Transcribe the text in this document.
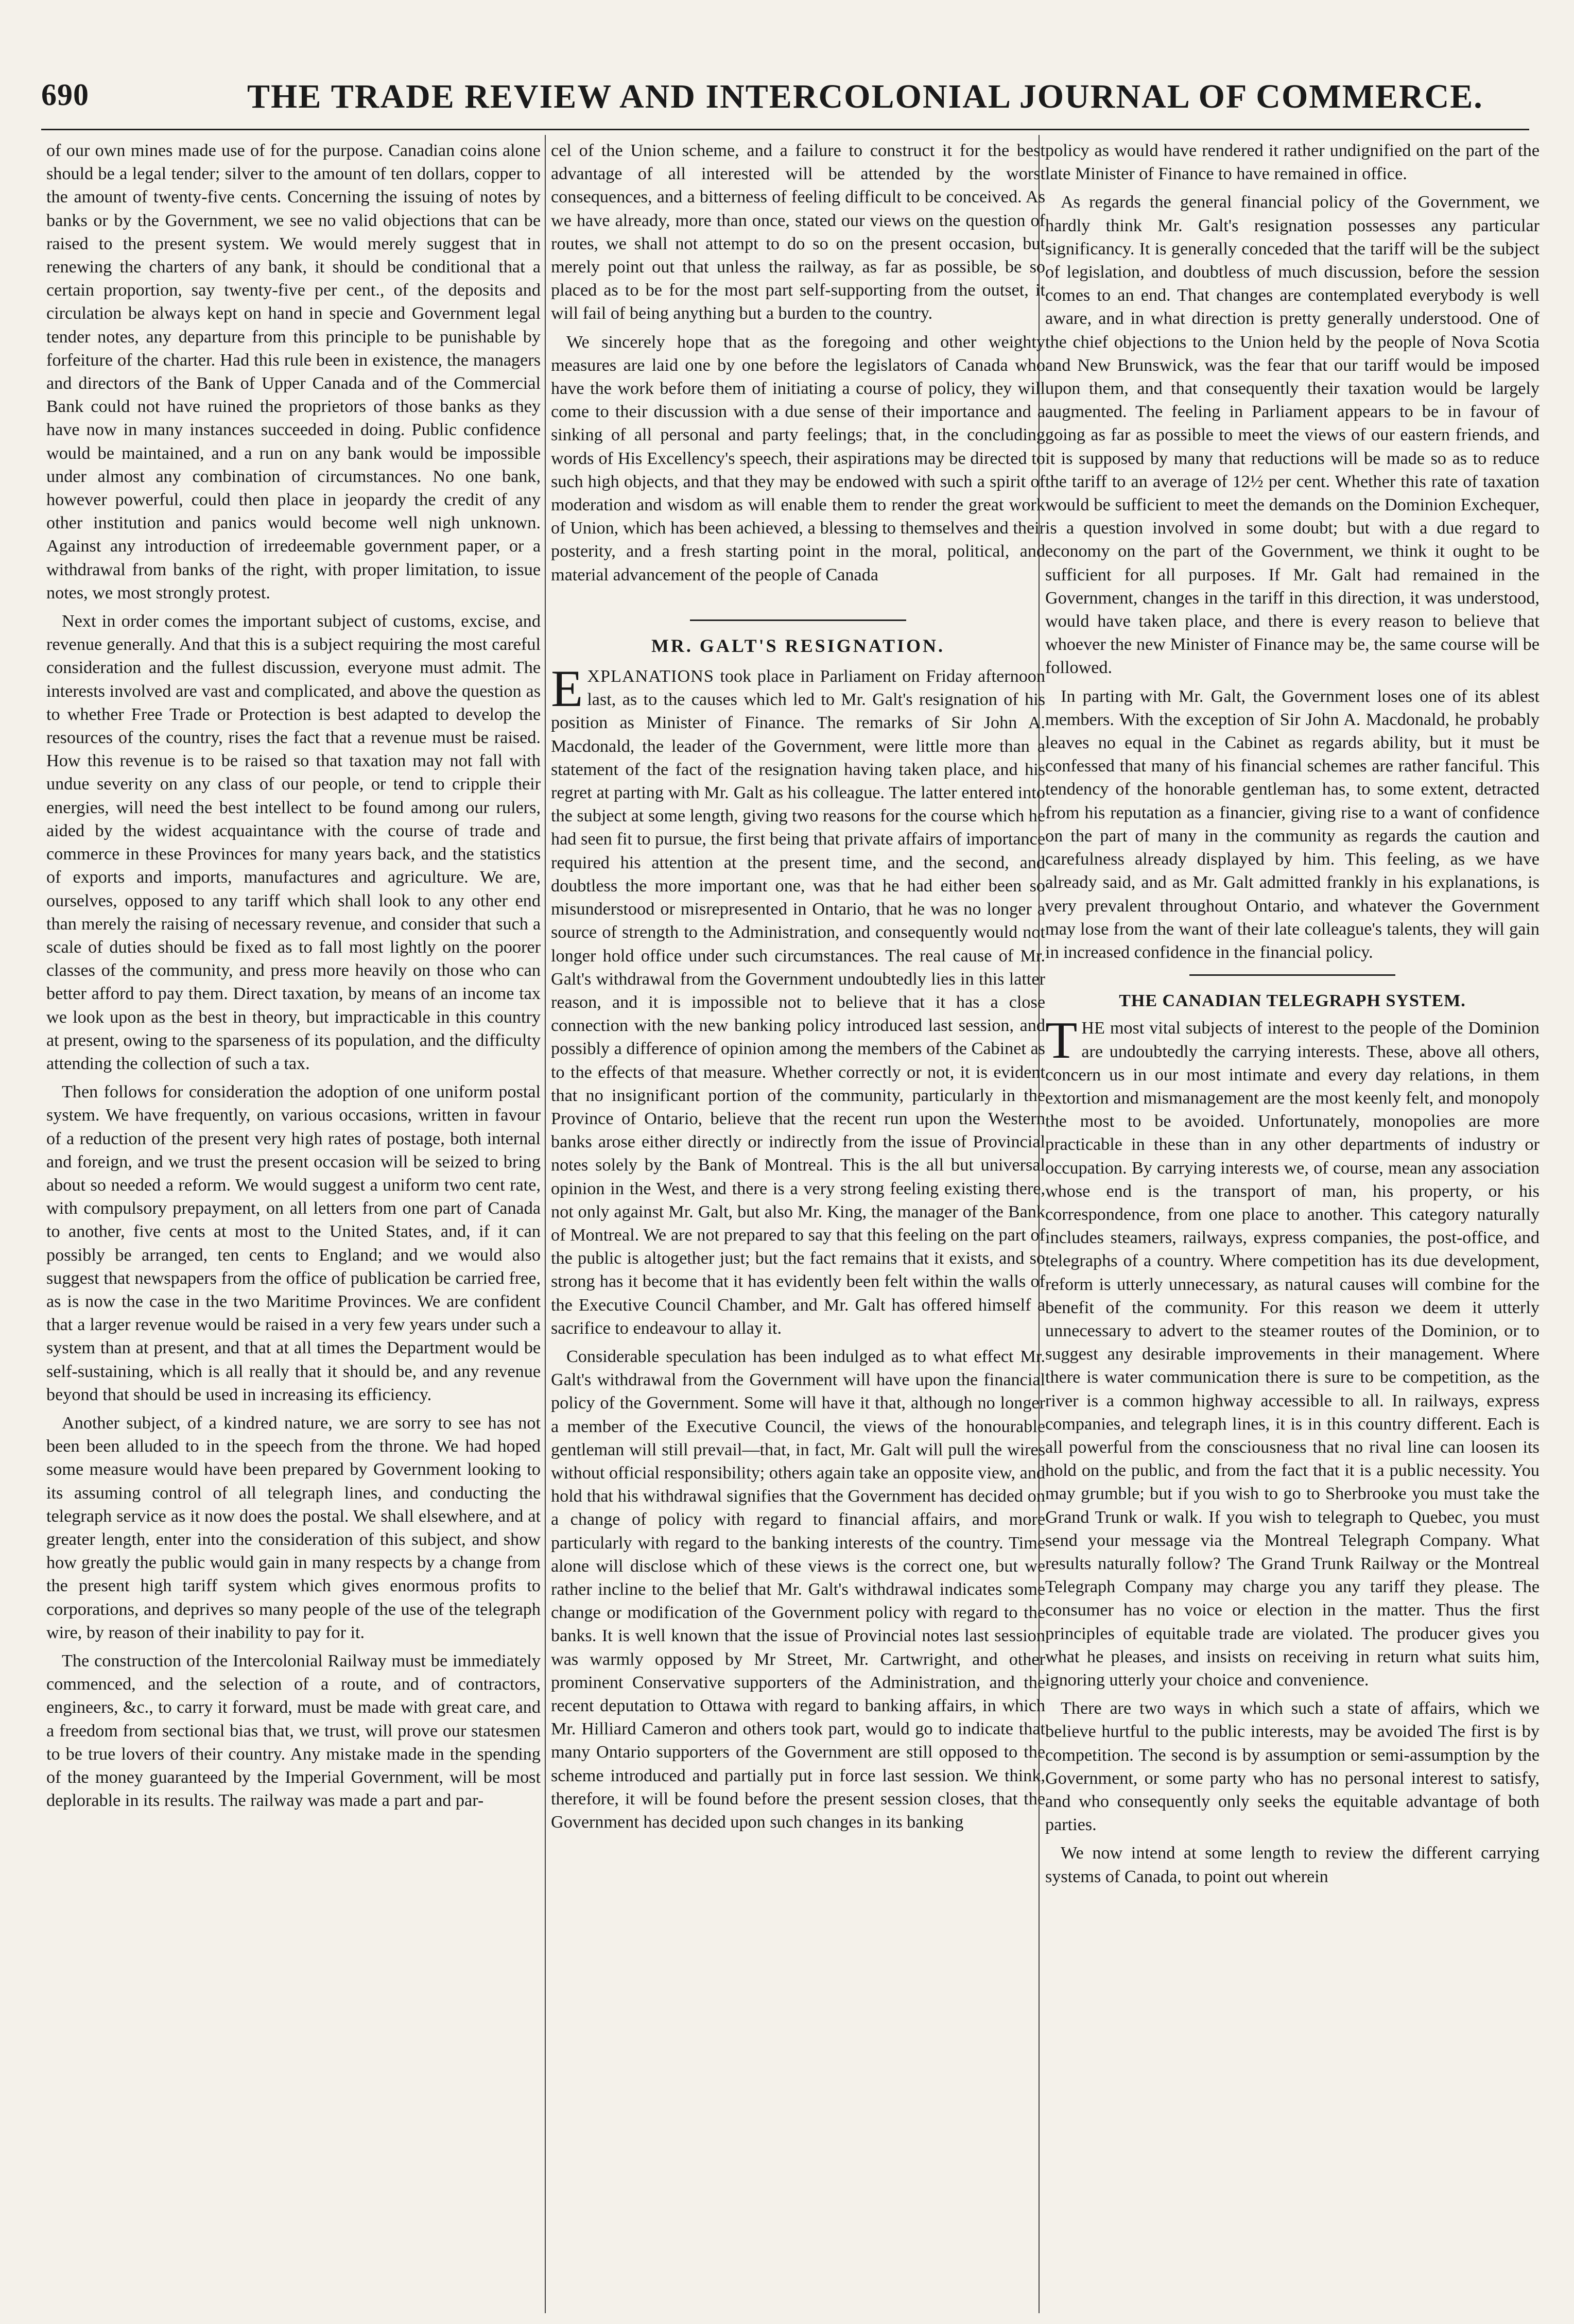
690	THE TRADE REVIEW AND INTERCOLONIAL JOURNAL OF COMMERCE.

of our own mines made use of for the purpose. Canadian coins alone should be a legal tender; silver to the amount of ten dollars, copper to the amount of twenty-five cents. Concerning the issuing of notes by banks or by the Government, we see no valid objections that can be raised to the present system. We would merely suggest that in renewing the charters of any bank, it should be conditional that a certain proportion, say twenty-five per cent., of the deposits and circulation be always kept on hand in specie and Government legal tender notes, any departure from this principle to be punishable by forfeiture of the charter. Had this rule been in existence, the managers and directors of the Bank of Upper Canada and of the Commercial Bank could not have ruined the proprietors of those banks as they have now in many instances succeeded in doing. Public confidence would be maintained, and a run on any bank would be impossible under almost any combination of circumstances. No one bank, however powerful, could then place in jeopardy the credit of any other institution and panics would become well nigh unknown. Against any introduction of irredeemable government paper, or a withdrawal from banks of the right, with proper limitation, to issue notes, we most strongly protest.

Next in order comes the important subject of customs, excise, and revenue generally. And that this is a subject requiring the most careful consideration and the fullest discussion, everyone must admit. The interests involved are vast and complicated, and above the question as to whether Free Trade or Protection is best adapted to develop the resources of the country, rises the fact that a revenue must be raised. How this revenue is to be raised so that taxation may not fall with undue severity on any class of our people, or tend to cripple their energies, will need the best intellect to be found among our rulers, aided by the widest acquaintance with the course of trade and commerce in these Provinces for many years back, and the statistics of exports and imports, manufactures and agriculture. We are, ourselves, opposed to any tariff which shall look to any other end than merely the raising of necessary revenue, and consider that such a scale of duties should be fixed as to fall most lightly on the poorer classes of the community, and press more heavily on those who can better afford to pay them. Direct taxation, by means of an income tax we look upon as the best in theory, but impracticable in this country at present, owing to the sparseness of its population, and the difficulty attending the collection of such a tax.

Then follows for consideration the adoption of one uniform postal system. We have frequently, on various occasions, written in favour of a reduction of the present very high rates of postage, both internal and foreign, and we trust the present occasion will be seized to bring about so needed a reform. We would suggest a uniform two cent rate, with compulsory prepayment, on all letters from one part of Canada to another, five cents at most to the United States, and, if it can possibly be arranged, ten cents to England; and we would also suggest that newspapers from the office of publication be carried free, as is now the case in the two Maritime Provinces. We are confident that a larger revenue would be raised in a very few years under such a system than at present, and that at all times the Department would be self-sustaining, which is all really that it should be, and any revenue beyond that should be used in increasing its efficiency.

Another subject, of a kindred nature, we are sorry to see has not been been alluded to in the speech from the throne. We had hoped some measure would have been prepared by Government looking to its assuming control of all telegraph lines, and conducting the telegraph service as it now does the postal. We shall elsewhere, and at greater length, enter into the consideration of this subject, and show how greatly the public would gain in many respects by a change from the present high tariff system which gives enormous profits to corporations, and deprives so many people of the use of the telegraph wire, by reason of their inability to pay for it.

The construction of the Intercolonial Railway must be immediately commenced, and the selection of a route, and of contractors, engineers, &c., to carry it forward, must be made with great care, and a freedom from sectional bias that, we trust, will prove our statesmen to be true lovers of their country. Any mistake made in the spending of the money guaranteed by the Imperial Government, will be most deplorable in its results. The railway was made a part and par-

cel of the Union scheme, and a failure to construct it for the best advantage of all interested will be attended by the worst consequences, and a bitterness of feeling difficult to be conceived. As we have already, more than once, stated our views on the question of routes, we shall not attempt to do so on the present occasion, but merely point out that unless the railway, as far as possible, be so placed as to be for the most part self-supporting from the outset, it will fail of being anything but a burden to the country.

We sincerely hope that as the foregoing and other weighty measures are laid one by one before the legislators of Canada who have the work before them of initiating a course of policy, they will come to their discussion with a due sense of their importance and a sinking of all personal and party feelings; that, in the concluding words of His Excellency's speech, their aspirations may be directed to such high objects, and that they may be endowed with such a spirit of moderation and wisdom as will enable them to render the great work of Union, which has been achieved, a blessing to themselves and their posterity, and a fresh starting point in the moral, political, and material advancement of the people of Canada

MR. GALT'S RESIGNATION.

EXPLANATIONS took place in Parliament on Friday afternoon last, as to the causes which led to Mr. Galt's resignation of his position as Minister of Finance. The remarks of Sir John A. Macdonald, the leader of the Government, were little more than a statement of the fact of the resignation having taken place, and his regret at parting with Mr. Galt as his colleague. The latter entered into the subject at some length, giving two reasons for the course which he had seen fit to pursue, the first being that private affairs of importance required his attention at the present time, and the second, and doubtless the more important one, was that he had either been so misunderstood or misrepresented in Ontario, that he was no longer a source of strength to the Administration, and consequently would not longer hold office under such circumstances. The real cause of Mr. Galt's withdrawal from the Government undoubtedly lies in this latter reason, and it is impossible not to believe that it has a close connection with the new banking policy introduced last session, and possibly a difference of opinion among the members of the Cabinet as to the effects of that measure. Whether correctly or not, it is evident that no insignificant portion of the community, particularly in the Province of Ontario, believe that the recent run upon the Western banks arose either directly or indirectly from the issue of Provincial notes solely by the Bank of Montreal. This is the all but universal opinion in the West, and there is a very strong feeling existing there, not only against Mr. Galt, but also Mr. King, the manager of the Bank of Montreal. We are not prepared to say that this feeling on the part of the public is altogether just; but the fact remains that it exists, and so strong has it become that it has evidently been felt within the walls of the Executive Council Chamber, and Mr. Galt has offered himself a sacrifice to endeavour to allay it.

Considerable speculation has been indulged as to what effect Mr. Galt's withdrawal from the Government will have upon the financial policy of the Government. Some will have it that, although no longer a member of the Executive Council, the views of the honourable gentleman will still prevail—that, in fact, Mr. Galt will pull the wires without official responsibility; others again take an opposite view, and hold that his withdrawal signifies that the Government has decided on a change of policy with regard to financial affairs, and more particularly with regard to the banking interests of the country. Time alone will disclose which of these views is the correct one, but we rather incline to the belief that Mr. Galt's withdrawal indicates some change or modification of the Government policy with regard to the banks. It is well known that the issue of Provincial notes last session was warmly opposed by Mr Street, Mr. Cartwright, and other prominent Conservative supporters of the Administration, and the recent deputation to Ottawa with regard to banking affairs, in which Mr. Hilliard Cameron and others took part, would go to indicate that many Ontario supporters of the Government are still opposed to the scheme introduced and partially put in force last session. We think, therefore, it will be found before the present session closes, that the Government has decided upon such changes in its banking

policy as would have rendered it rather undignified on the part of the late Minister of Finance to have remained in office.

As regards the general financial policy of the Government, we hardly think Mr. Galt's resignation possesses any particular significancy. It is generally conceded that the tariff will be the subject of legislation, and doubtless of much discussion, before the session comes to an end. That changes are contemplated everybody is well aware, and in what direction is pretty generally understood. One of the chief objections to the Union held by the people of Nova Scotia and New Brunswick, was the fear that our tariff would be imposed upon them, and that consequently their taxation would be largely augmented. The feeling in Parliament appears to be in favour of going as far as possible to meet the views of our eastern friends, and it is supposed by many that reductions will be made so as to reduce the tariff to an average of 12½ per cent. Whether this rate of taxation would be sufficient to meet the demands on the Dominion Exchequer, is a question involved in some doubt; but with a due regard to economy on the part of the Government, we think it ought to be sufficient for all purposes. If Mr. Galt had remained in the Government, changes in the tariff in this direction, it was understood, would have taken place, and there is every reason to believe that whoever the new Minister of Finance may be, the same course will be followed.

In parting with Mr. Galt, the Government loses one of its ablest members. With the exception of Sir John A. Macdonald, he probably leaves no equal in the Cabinet as regards ability, but it must be confessed that many of his financial schemes are rather fanciful. This tendency of the honorable gentleman has, to some extent, detracted from his reputation as a financier, giving rise to a want of confidence on the part of many in the community as regards the caution and carefulness already displayed by him. This feeling, as we have already said, and as Mr. Galt admitted frankly in his explanations, is very prevalent throughout Ontario, and whatever the Government may lose from the want of their late colleague's talents, they will gain in increased confidence in the financial policy.

THE CANADIAN TELEGRAPH SYSTEM.

THE most vital subjects of interest to the people of the Dominion are undoubtedly the carrying interests. These, above all others, concern us in our most intimate and every day relations, in them extortion and mismanagement are the most keenly felt, and monopoly the most to be avoided. Unfortunately, monopolies are more practicable in these than in any other departments of industry or occupation. By carrying interests we, of course, mean any association whose end is the transport of man, his property, or his correspondence, from one place to another. This category naturally includes steamers, railways, express companies, the post-office, and telegraphs of a country. Where competition has its due development, reform is utterly unnecessary, as natural causes will combine for the benefit of the community. For this reason we deem it utterly unnecessary to advert to the steamer routes of the Dominion, or to suggest any desirable improvements in their management. Where there is water communication there is sure to be competition, as the river is a common highway accessible to all. In railways, express companies, and telegraph lines, it is in this country different. Each is all powerful from the consciousness that no rival line can loosen its hold on the public, and from the fact that it is a public necessity. You may grumble; but if you wish to go to Sherbrooke you must take the Grand Trunk or walk. If you wish to telegraph to Quebec, you must send your message via the Montreal Telegraph Company. What results naturally follow? The Grand Trunk Railway or the Montreal Telegraph Company may charge you any tariff they please. The consumer has no voice or election in the matter. Thus the first principles of equitable trade are violated. The producer gives you what he pleases, and insists on receiving in return what suits him, ignoring utterly your choice and convenience.

There are two ways in which such a state of affairs, which we believe hurtful to the public interests, may be avoided The first is by competition. The second is by assumption or semi-assumption by the Government, or some party who has no personal interest to satisfy, and who consequently only seeks the equitable advantage of both parties.

We now intend at some length to review the different carrying systems of Canada, to point out wherein
